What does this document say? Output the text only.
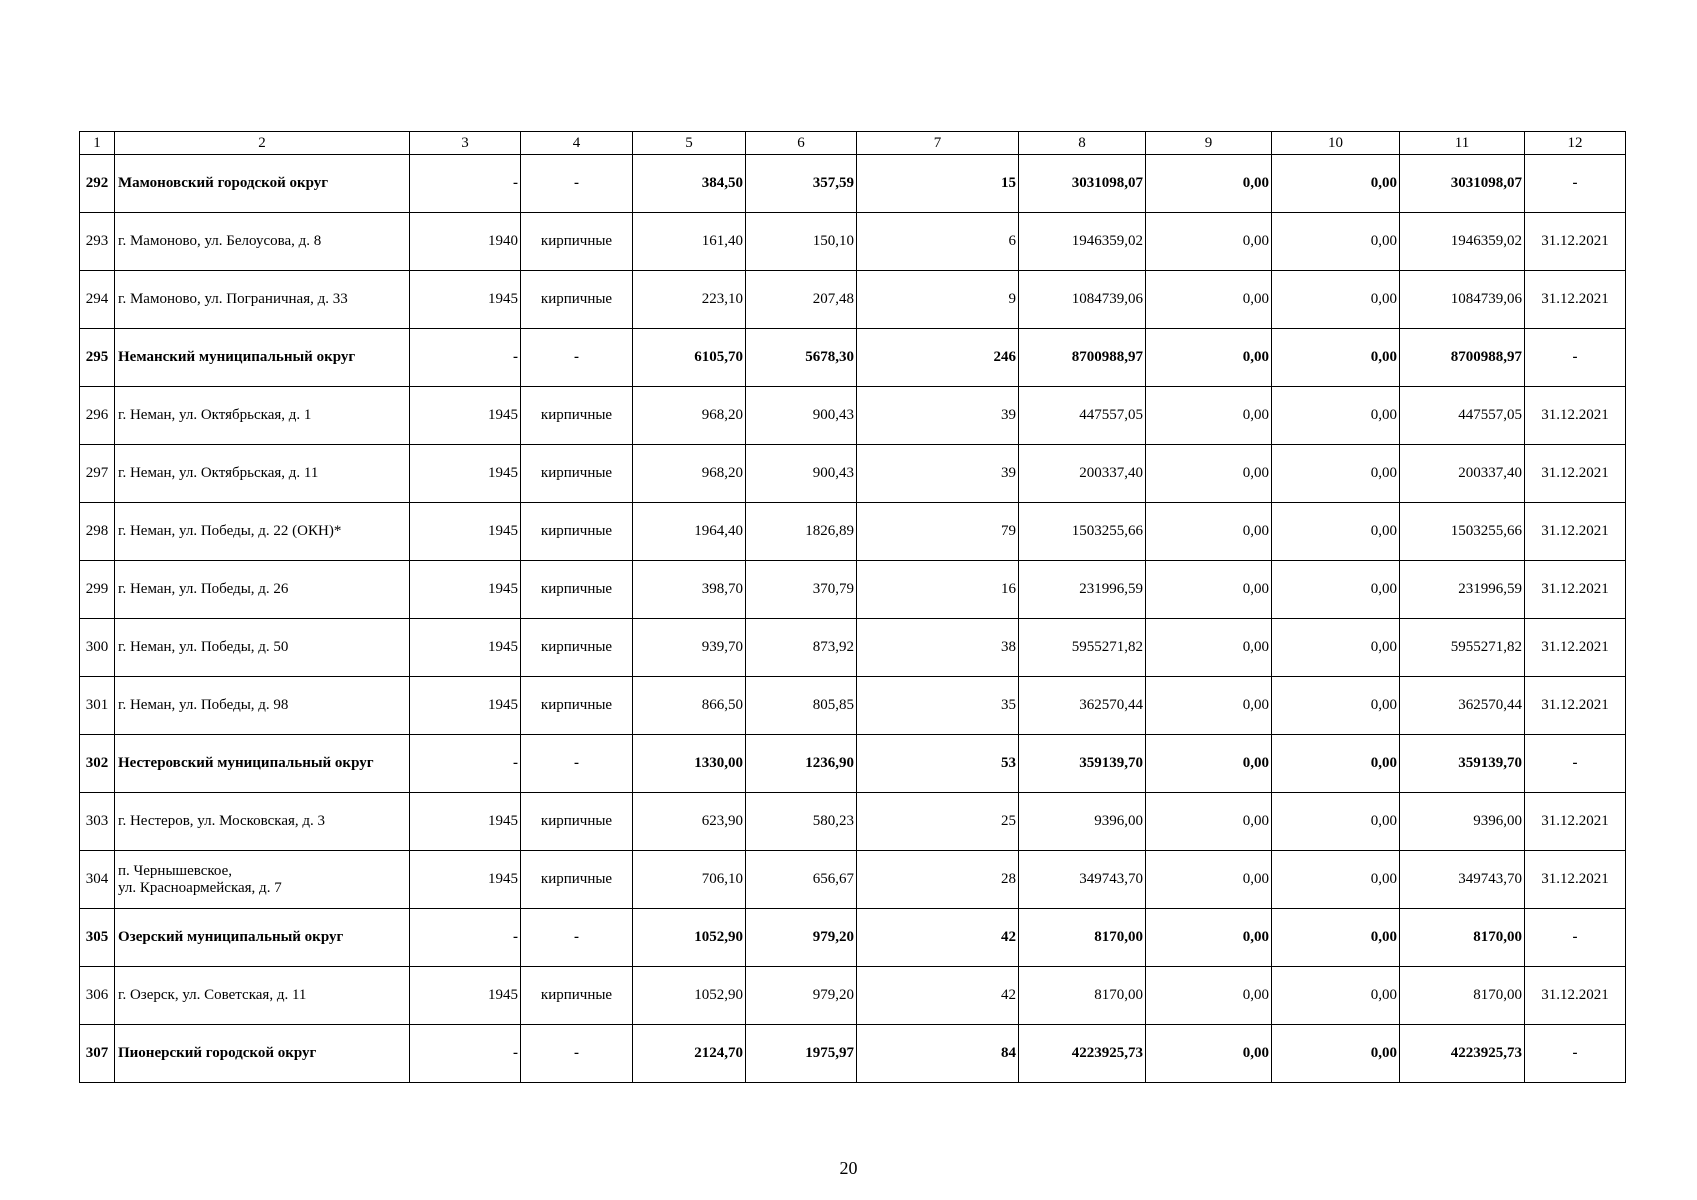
1	2	3	4	5	6	7	8	9	10	11	12
292	Мамоновский городской округ	-	-	384,50	357,59	15	3031098,07	0,00	0,00	3031098,07	-
293	г. Мамоново, ул. Белоусова, д. 8	1940	кирпичные	161,40	150,10	6	1946359,02	0,00	0,00	1946359,02	31.12.2021
294	г. Мамоново, ул. Пограничная, д. 33	1945	кирпичные	223,10	207,48	9	1084739,06	0,00	0,00	1084739,06	31.12.2021
295	Неманский муниципальный округ	-	-	6105,70	5678,30	246	8700988,97	0,00	0,00	8700988,97	-
296	г. Неман, ул. Октябрьская, д. 1	1945	кирпичные	968,20	900,43	39	447557,05	0,00	0,00	447557,05	31.12.2021
297	г. Неман, ул. Октябрьская, д. 11	1945	кирпичные	968,20	900,43	39	200337,40	0,00	0,00	200337,40	31.12.2021
298	г. Неман, ул. Победы, д. 22 (ОКН)*	1945	кирпичные	1964,40	1826,89	79	1503255,66	0,00	0,00	1503255,66	31.12.2021
299	г. Неман, ул. Победы, д. 26	1945	кирпичные	398,70	370,79	16	231996,59	0,00	0,00	231996,59	31.12.2021
300	г. Неман, ул. Победы, д. 50	1945	кирпичные	939,70	873,92	38	5955271,82	0,00	0,00	5955271,82	31.12.2021
301	г. Неман, ул. Победы, д. 98	1945	кирпичные	866,50	805,85	35	362570,44	0,00	0,00	362570,44	31.12.2021
302	Нестеровский муниципальный округ	-	-	1330,00	1236,90	53	359139,70	0,00	0,00	359139,70	-
303	г. Нестеров, ул. Московская, д. 3	1945	кирпичные	623,90	580,23	25	9396,00	0,00	0,00	9396,00	31.12.2021
304	п. Чернышевское,
ул. Красноармейская, д. 7	1945	кирпичные	706,10	656,67	28	349743,70	0,00	0,00	349743,70	31.12.2021
305	Озерский муниципальный округ	-	-	1052,90	979,20	42	8170,00	0,00	0,00	8170,00	-
306	г. Озерск, ул. Советская, д. 11	1945	кирпичные	1052,90	979,20	42	8170,00	0,00	0,00	8170,00	31.12.2021
307	Пионерский городской округ	-	-	2124,70	1975,97	84	4223925,73	0,00	0,00	4223925,73	-
20
